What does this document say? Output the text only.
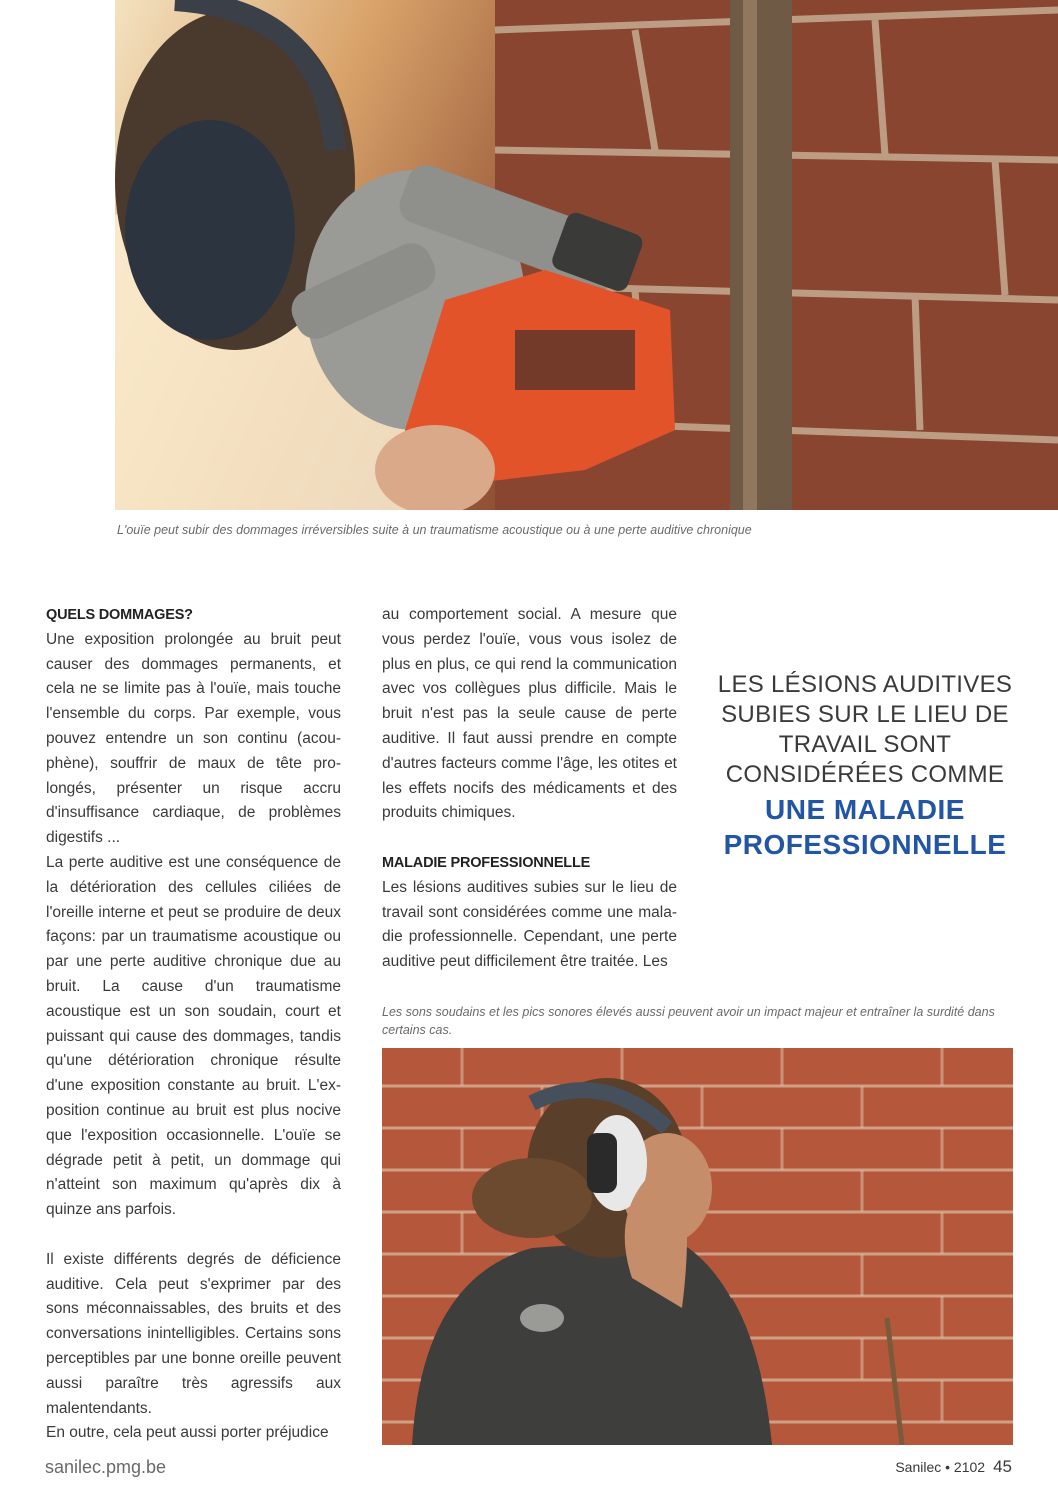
L'ouïe peut subir des dommages irréversibles suite à un traumatisme acoustique ou à une perte auditive chronique

QUELS DOMMAGES?

Une exposition prolongée au bruit peut causer des dommages permanents, et cela ne se limite pas à l'ouïe, mais touche l'ensemble du corps. Par exemple, vous pouvez entendre un son continu (acouphène), souffrir de maux de tête prolongés, présenter un risque accru d'insuffisance cardiaque, de problèmes digestifs ...

La perte auditive est une conséquence de la détérioration des cellules ciliées de l'oreille interne et peut se produire de deux façons: par un traumatisme acoustique ou par une perte auditive chronique due au bruit. La cause d'un traumatisme acoustique est un son soudain, court et puissant qui cause des dommages, tandis qu'une détérioration chronique résulte d'une exposition constante au bruit. L'exposition continue au bruit est plus nocive que l'exposition occasionnelle. L'ouïe se dégrade petit à petit, un dommage qui n'atteint son maximum qu'après dix à quinze ans parfois.

Il existe différents degrés de déficience auditive. Cela peut s'exprimer par des sons méconnaissables, des bruits et des conversations inintelligibles. Certains sons perceptibles par une bonne oreille peuvent aussi paraître très agressifs aux malentendants.

En outre, cela peut aussi porter préjudice

au comportement social. A mesure que vous perdez l'ouïe, vous vous isolez de plus en plus, ce qui rend la communication avec vos collègues plus difficile. Mais le bruit n'est pas la seule cause de perte auditive. Il faut aussi prendre en compte d'autres facteurs comme l'âge, les otites et les effets nocifs des médicaments et des produits chimiques.

MALADIE PROFESSIONNELLE

Les lésions auditives subies sur le lieu de travail sont considérées comme une maladie professionnelle. Cependant, une perte auditive peut difficilement être traitée. Les

LES LÉSIONS AUDITIVES
SUBIES SUR LE LIEU DE
TRAVAIL SONT
CONSIDÉRÉES COMME
UNE MALADIE
PROFESSIONNELLE

Les sons soudains et les pics sonores élevés aussi peuvent avoir un impact majeur et entraîner la surdité dans certains cas.

sanilec.pmg.be	Sanilec • 2102 45
